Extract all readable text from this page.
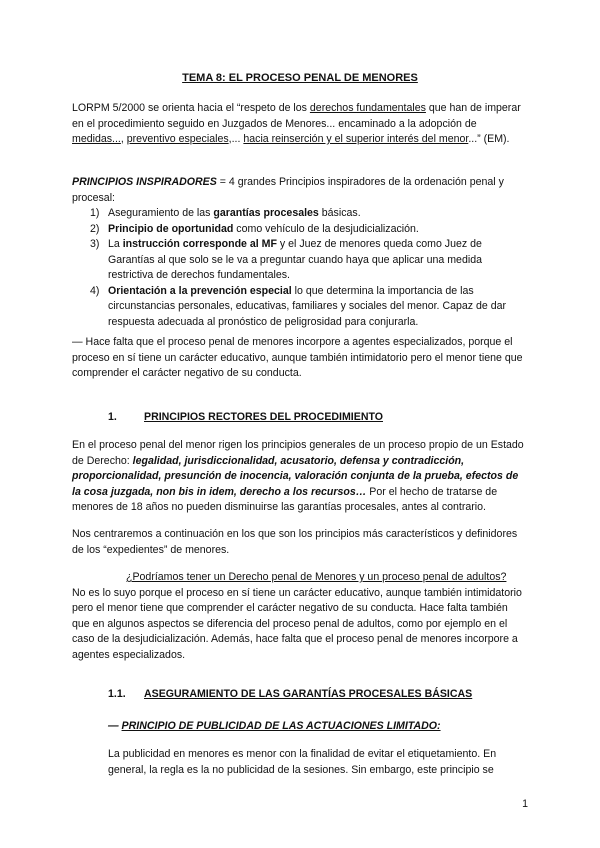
TEMA 8: EL PROCESO PENAL DE MENORES

LORPM 5/2000 se orienta hacia el “respeto de los derechos fundamentales que han de imperar en el procedimiento seguido en Juzgados de Menores... encaminado a la adopción de medidas..., preventivo especiales,... hacia reinserción y el superior interés del menor...” (EM).

PRINCIPIOS INSPIRADORES = 4 grandes Principios inspiradores de la ordenación penal y procesal:

1) Aseguramiento de las garantías procesales básicas.
2) Principio de oportunidad como vehículo de la desjudicialización.
3) La instrucción corresponde al MF y el Juez de menores queda como Juez de Garantías al que solo se le va a preguntar cuando haya que aplicar una medida restrictiva de derechos fundamentales.
4) Orientación a la prevención especial lo que determina la importancia de las circunstancias personales, educativas, familiares y sociales del menor. Capaz de dar respuesta adecuada al pronóstico de peligrosidad para conjurarla.

— Hace falta que el proceso penal de menores incorpore a agentes especializados, porque el proceso en sí tiene un carácter educativo, aunque también intimidatorio pero el menor tiene que comprender el carácter negativo de su conducta.

1.	PRINCIPIOS RECTORES DEL PROCEDIMIENTO

En el proceso penal del menor rigen los principios generales de un proceso propio de un Estado de Derecho: legalidad, jurisdiccionalidad, acusatorio, defensa y contradicción, proporcionalidad, presunción de inocencia, valoración conjunta de la prueba, efectos de la cosa juzgada, non bis in idem, derecho a los recursos… Por el hecho de tratarse de menores de 18 años no pueden disminuirse las garantías procesales, antes al contrario.

Nos centraremos a continuación en los que son los principios más característicos y definidores de los “expedientes” de menores.

¿Podríamos tener un Derecho penal de Menores y un proceso penal de adultos?
No es lo suyo porque el proceso en sí tiene un carácter educativo, aunque también intimidatorio pero el menor tiene que comprender el carácter negativo de su conducta. Hace falta también que en algunos aspectos se diferencia del proceso penal de adultos, como por ejemplo en el caso de la desjudicialización. Además, hace falta que el proceso penal de menores incorpore a agentes especializados.
1.1. ASEGURAMIENTO DE LAS GARANTÍAS PROCESALES BÁSICAS
— PRINCIPIO DE PUBLICIDAD DE LAS ACTUACIONES LIMITADO:

La publicidad en menores es menor con la finalidad de evitar el etiquetamiento. En general, la regla es la no publicidad de la sesiones. Sin embargo, este principio se

1
